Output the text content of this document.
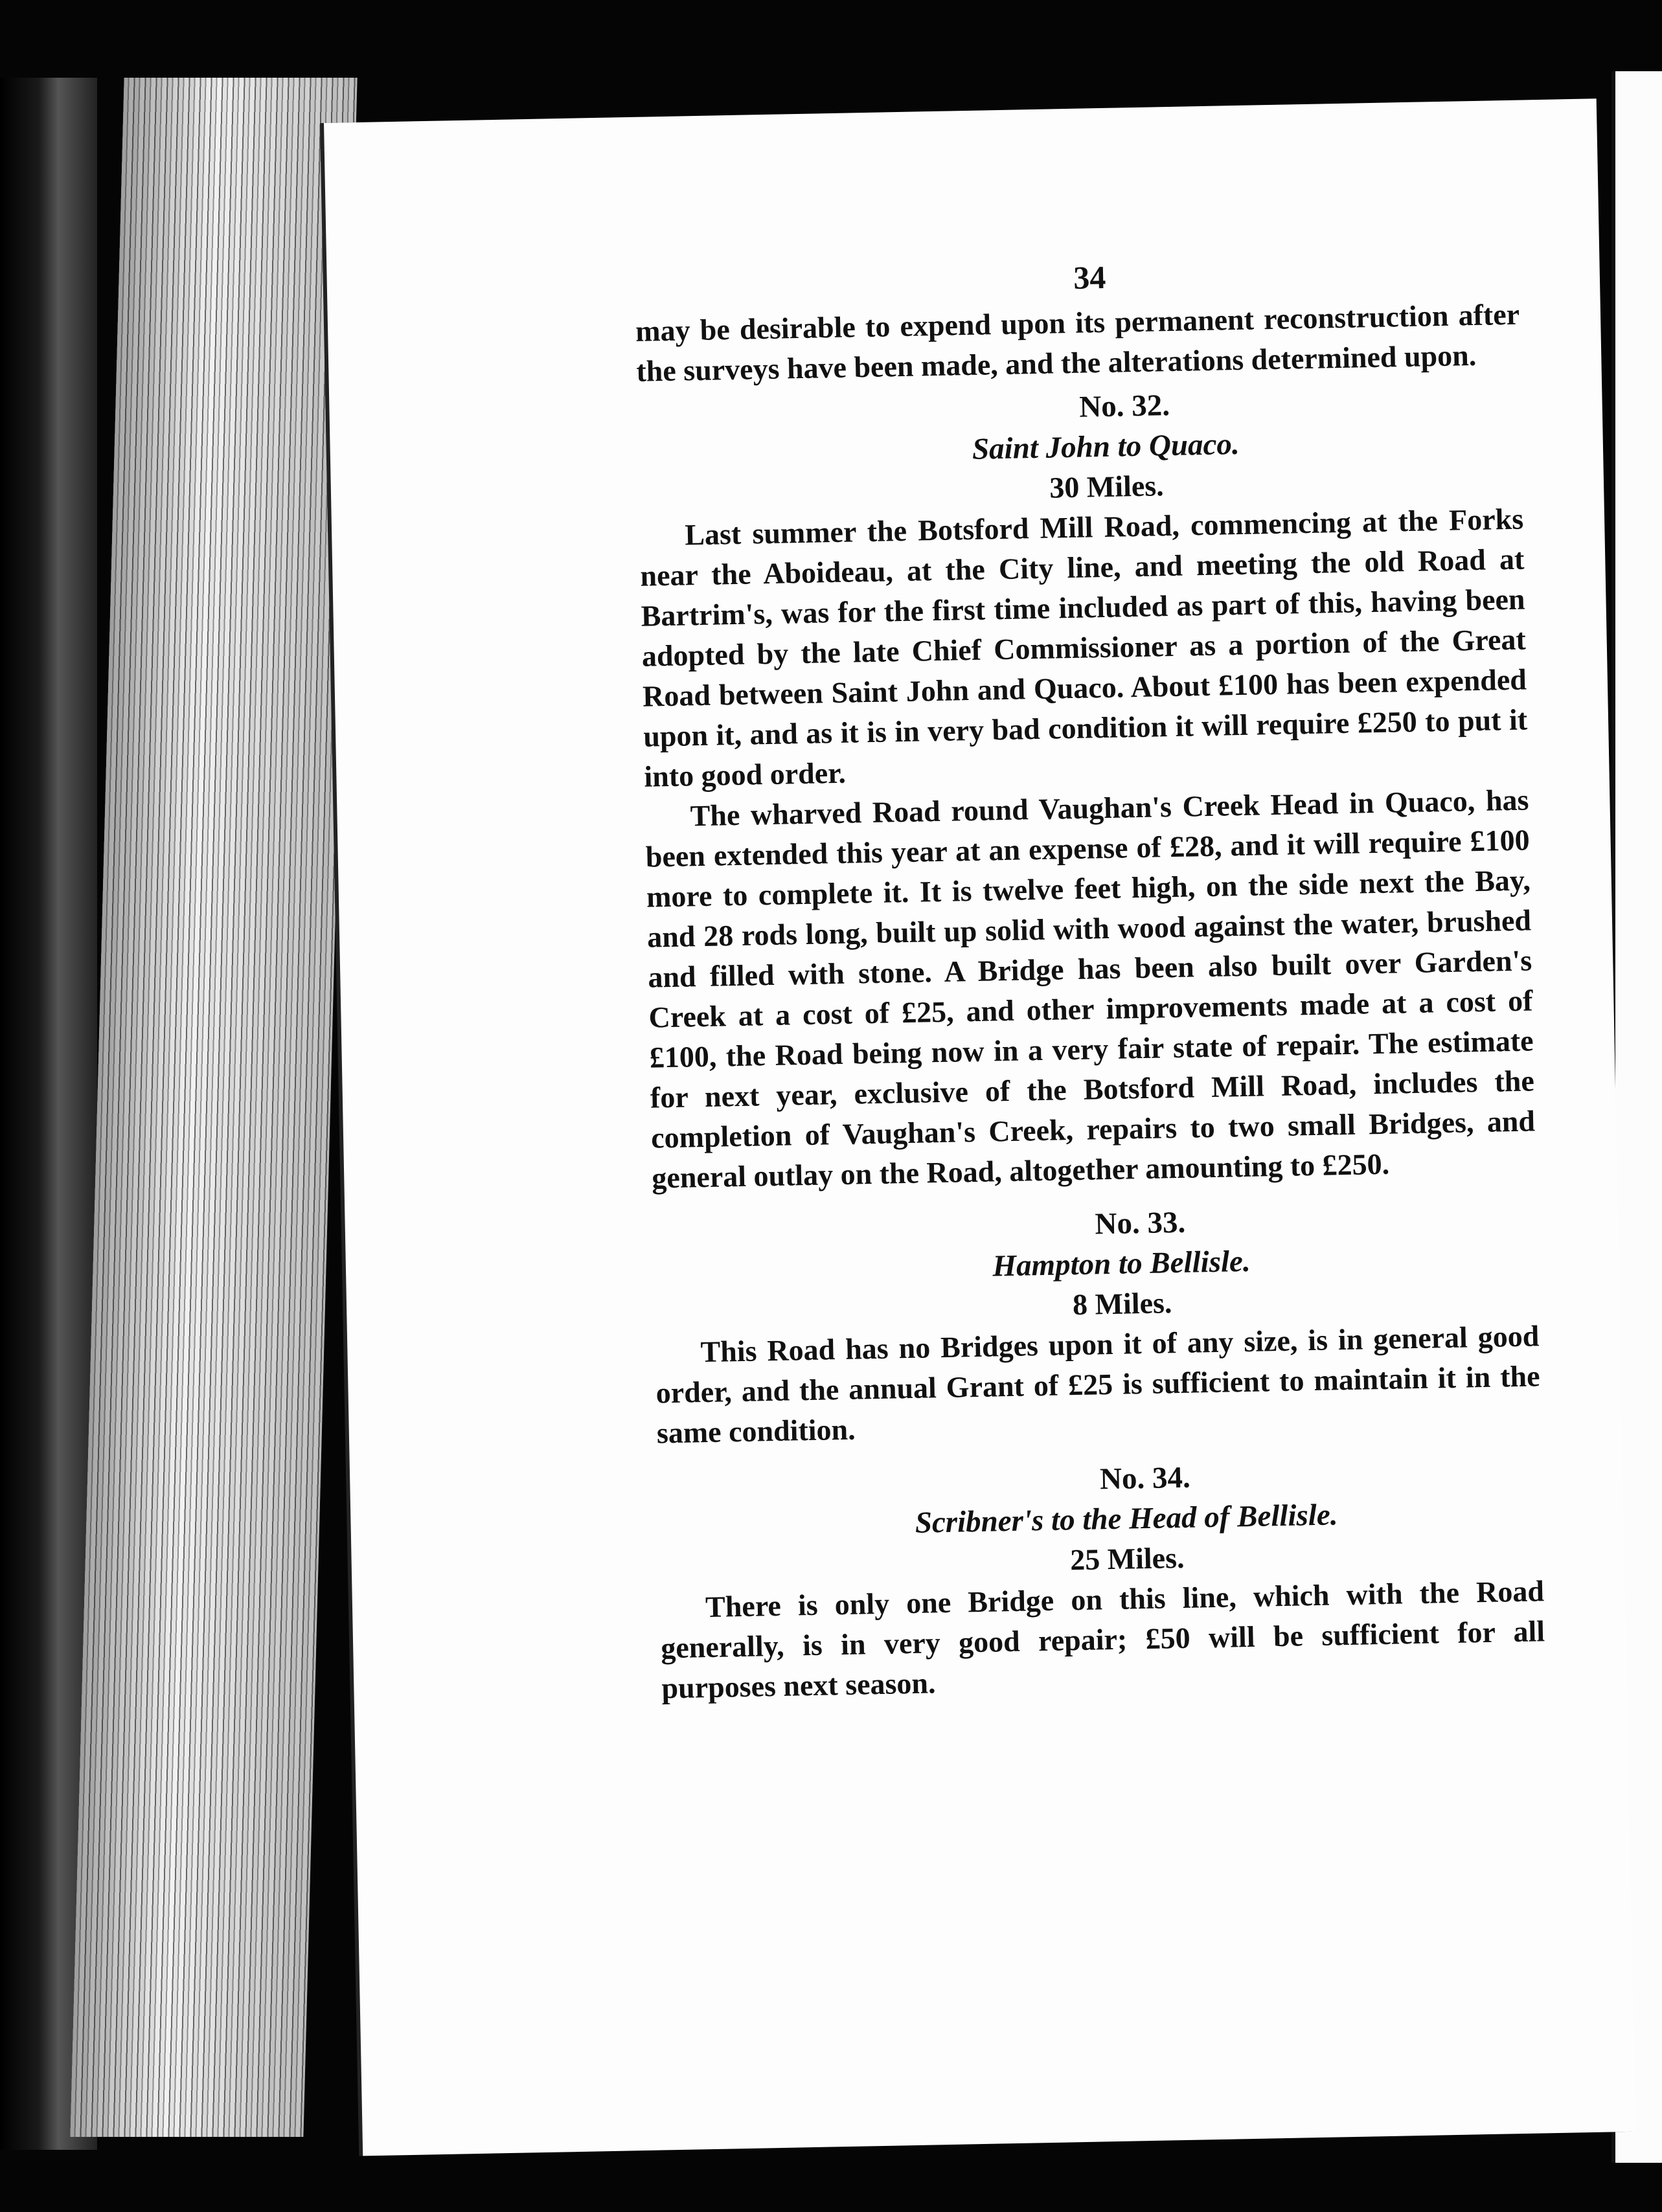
34

may be desirable to expend upon its permanent reconstruction after the surveys have been made, and the alterations determined upon.

No. 32.
Saint John to Quaco.
30 Miles.

Last summer the Botsford Mill Road, commencing at the Forks near the Aboideau, at the City line, and meeting the old Road at Bartrim's, was for the first time included as part of this, having been adopted by the late Chief Commissioner as a portion of the Great Road between Saint John and Quaco. About £100 has been expended upon it, and as it is in very bad condition it will require £250 to put it into good order.

The wharved Road round Vaughan's Creek Head in Quaco, has been extended this year at an expense of £28, and it will require £100 more to complete it. It is twelve feet high, on the side next the Bay, and 28 rods long, built up solid with wood against the water, brushed and filled with stone. A Bridge has been also built over Garden's Creek at a cost of £25, and other improvements made at a cost of £100, the Road being now in a very fair state of repair. The estimate for next year, exclusive of the Botsford Mill Road, includes the completion of Vaughan's Creek, repairs to two small Bridges, and general outlay on the Road, altogether amounting to £250.

No. 33.
Hampton to Bellisle.
8 Miles.

This Road has no Bridges upon it of any size, is in general good order, and the annual Grant of £25 is sufficient to maintain it in the same condition.

No. 34.
Scribner's to the Head of Bellisle.
25 Miles.

There is only one Bridge on this line, which with the Road generally, is in very good repair; £50 will be sufficient for all purposes next season.
